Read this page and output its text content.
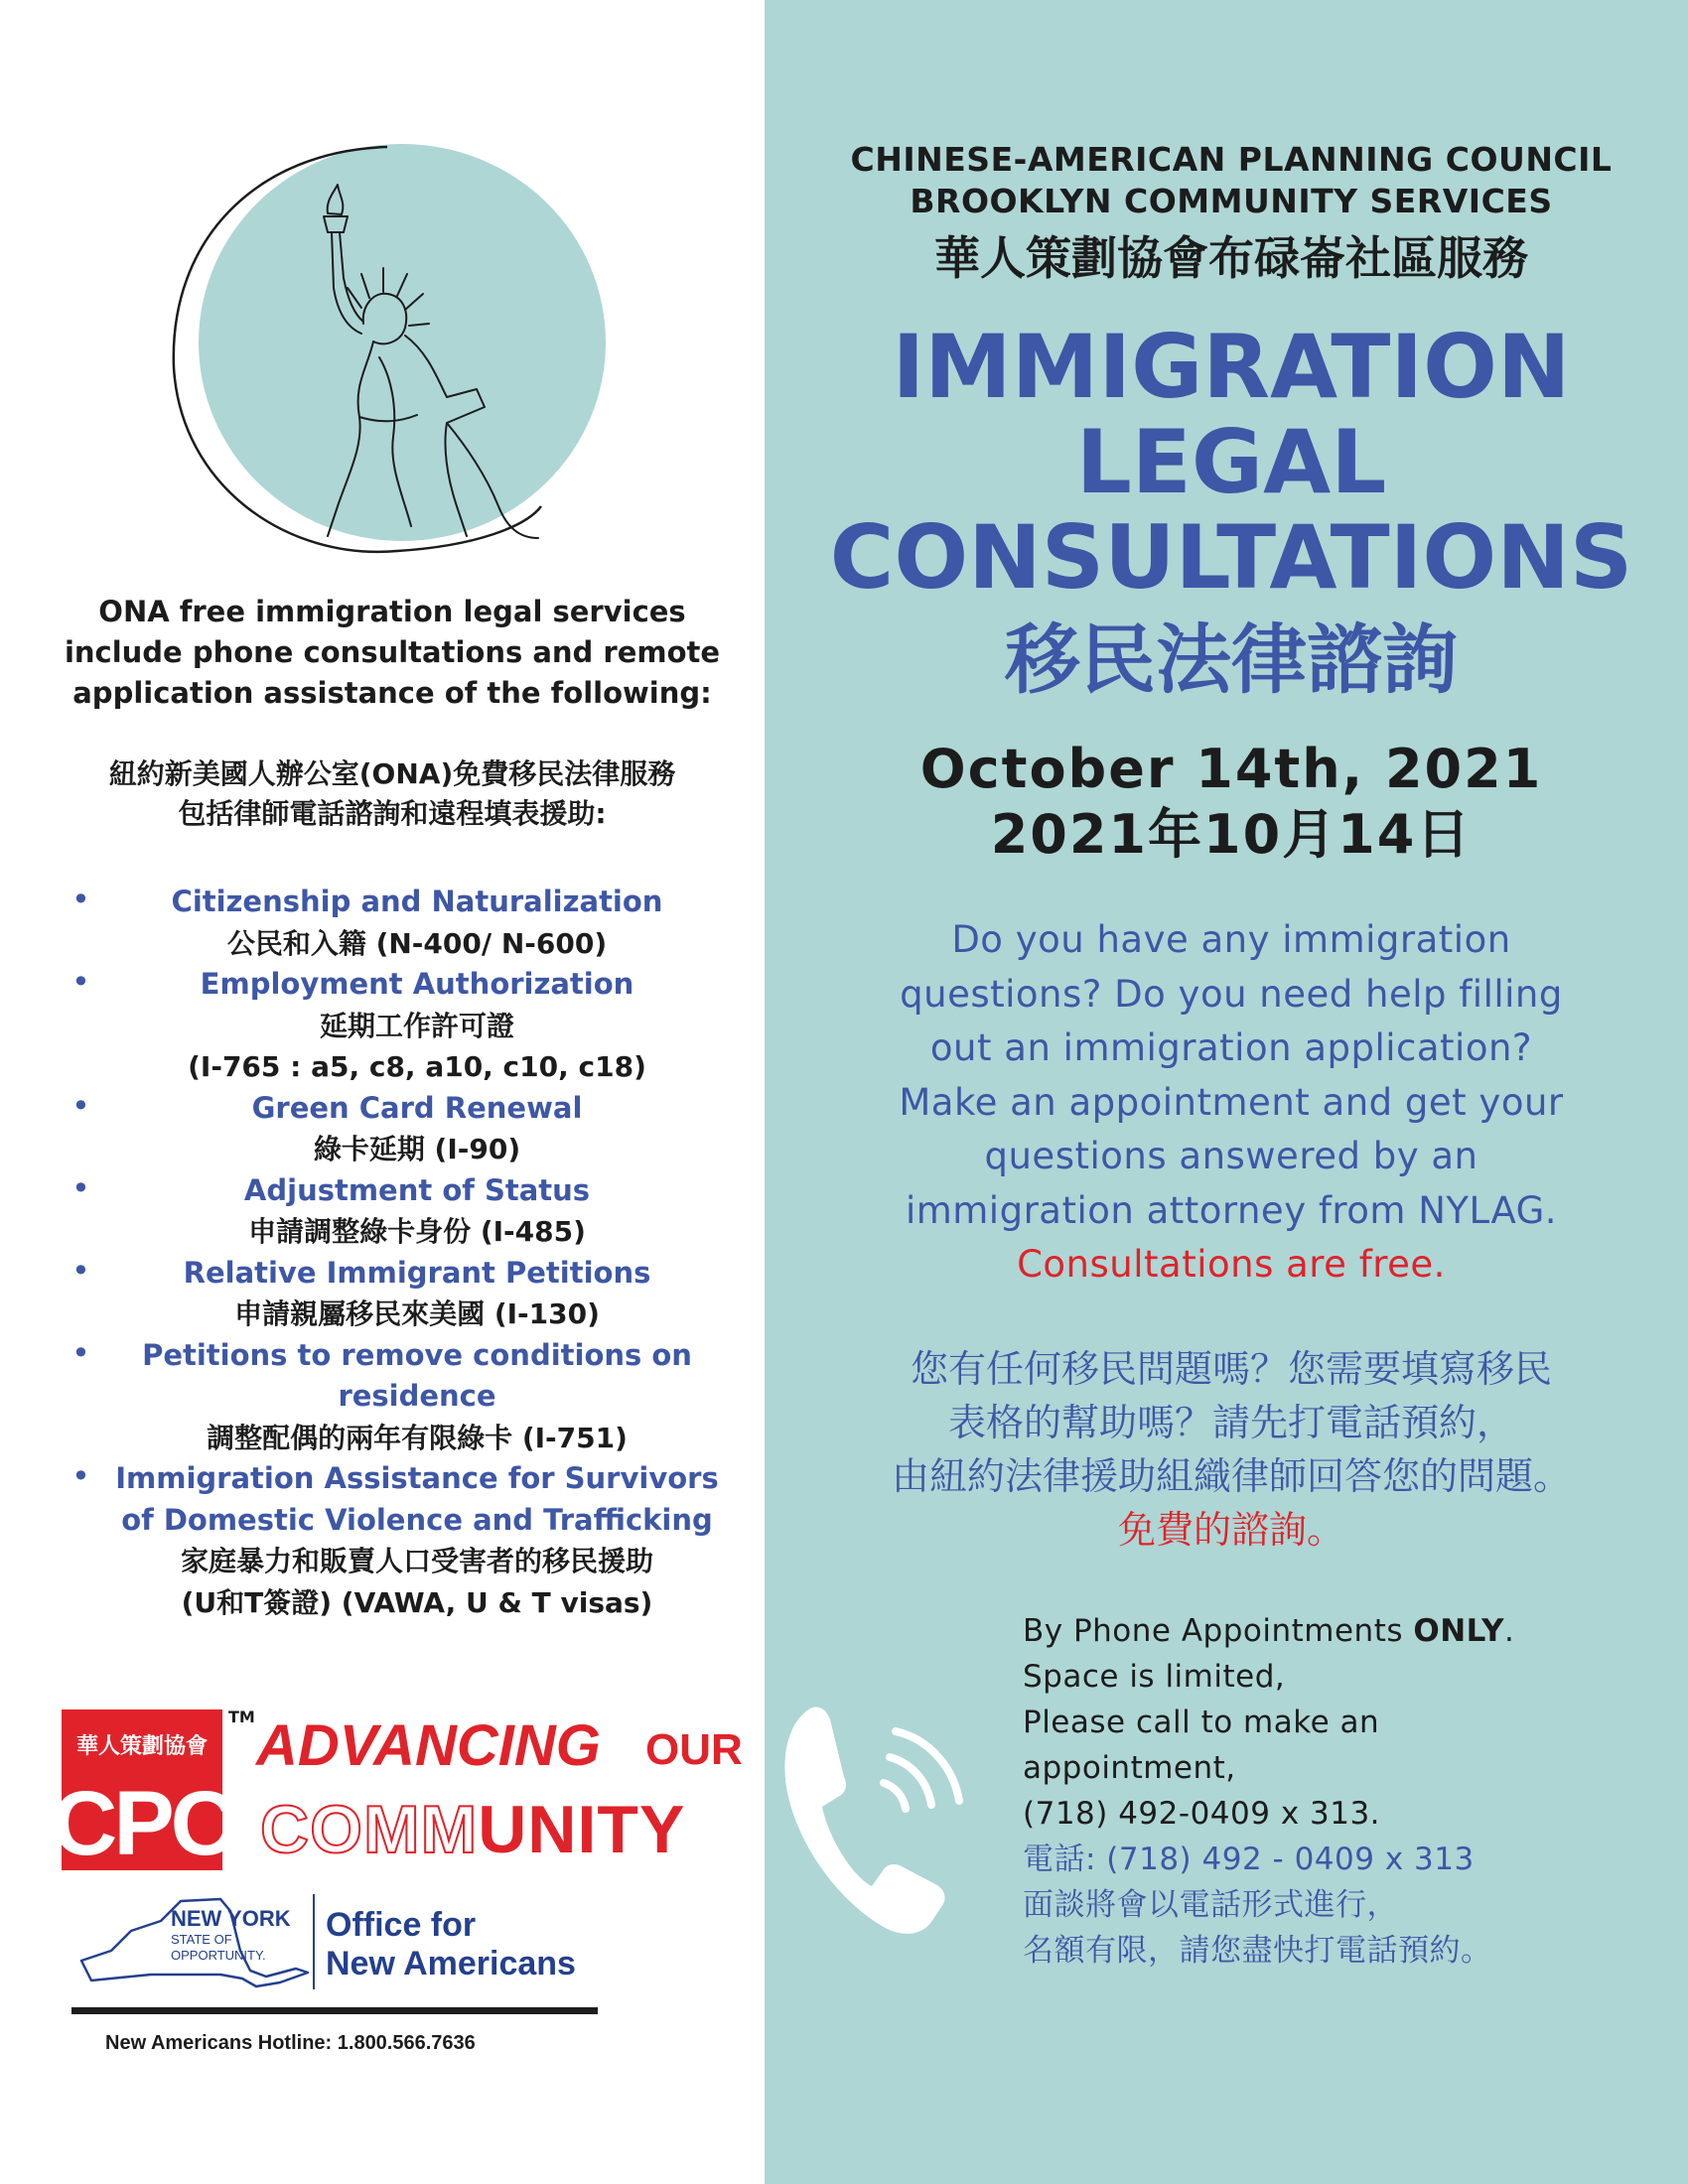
ONA free immigration legal services include phone consultations and remote application assistance of the following:
紐約新美國人辦公室(ONA)免費移民法律服務
包括律師電話諮詢和遠程填表援助:
•	Citizenship and Naturalization
公民和入籍 (N-400/ N-600)
•	Employment Authorization
延期工作許可證
(I-765 : a5, c8, a10, c10, c18)
•	Green Card Renewal
綠卡延期 (I-90)
•	Adjustment of Status
申請調整綠卡身份 (I-485)
•	Relative Immigrant Petitions
申請親屬移民來美國 (I-130)
•	Petitions to remove conditions on residence
調整配偶的兩年有限綠卡 (I-751)
• Immigration Assistance for Survivors of Domestic Violence and Trafficking
家庭暴力和販賣人口受害者的移民援助
(U和T簽證) (VAWA, U & T visas)
華人策劃協會
CPC
TM ADVANCING OUR
COMMUNITY
NEW YORK
STATE OF
OPPORTUNITY.
Office for
New Americans
New Americans Hotline: 1.800.566.7636
CHINESE-AMERICAN PLANNING COUNCIL
BROOKLYN COMMUNITY SERVICES
華人策劃協會布碌崙社區服務
IMMIGRATION
LEGAL
CONSULTATIONS
移民法律諮詢
October 14th, 2021
2021年10月14日
Do you have any immigration
questions? Do you need help filling
out an immigration application?
Make an appointment and get your
questions answered by an
immigration attorney from NYLAG.
Consultations are free.
您有任何移民問題嗎？您需要填寫移民
表格的幫助嗎？請先打電話預約，
由紐約法律援助組織律師回答您的問題。
免費的諮詢。
By Phone Appointments ONLY.
Space is limited,
Please call to make an
appointment,
(718) 492-0409 x 313.
電話: (718) 492 - 0409 x 313
面談將會以電話形式進行，
名額有限，請您盡快打電話預約。
